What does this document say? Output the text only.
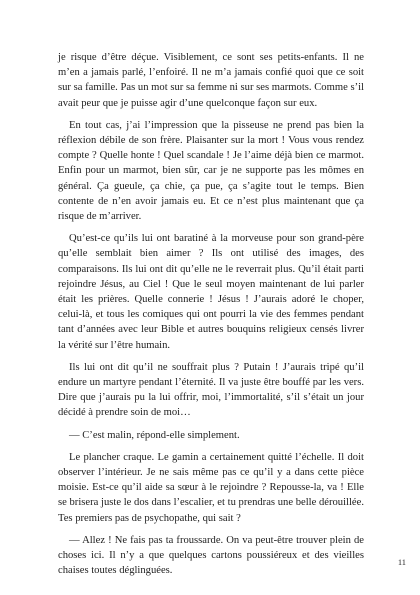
je risque d’être déçue. Visiblement, ce sont ses petits-enfants. Il ne m’en a jamais parlé, l’enfoiré. Il ne m’a jamais confié quoi que ce soit sur sa famille. Pas un mot sur sa femme ni sur ses marmots. Comme s’il avait peur que je puisse agir d’une quelconque façon sur eux.

En tout cas, j’ai l’impression que la pisseuse ne prend pas bien la réflexion débile de son frère. Plaisanter sur la mort ! Vous vous rendez compte ? Quelle honte ! Quel scandale ! Je l’aime déjà bien ce marmot. Enfin pour un marmot, bien sûr, car je ne supporte pas les mômes en général. Ça gueule, ça chie, ça pue, ça s’agite tout le temps. Bien contente de n’en avoir jamais eu. Et ce n’est plus maintenant que ça risque de m’arriver.

Qu’est-ce qu’ils lui ont baratiné à la morveuse pour son grand-père qu’elle semblait bien aimer ? Ils ont utilisé des images, des comparaisons. Ils lui ont dit qu’elle ne le reverrait plus. Qu’il était parti rejoindre Jésus, au Ciel ! Que le seul moyen maintenant de lui parler était les prières. Quelle connerie ! Jésus ! J’aurais adoré le choper, celui-là, et tous les comiques qui ont pourri la vie des femmes pendant tant d’années avec leur Bible et autres bouquins religieux censés livrer la vérité sur l’être humain.

Ils lui ont dit qu’il ne souffrait plus ? Putain ! J’aurais tripé qu’il endure un martyre pendant l’éternité. Il va juste être bouffé par les vers. Dire que j’aurais pu la lui offrir, moi, l’immortalité, s’il s’était un jour décidé à prendre soin de moi…

— C’est malin, répond-elle simplement.

Le plancher craque. Le gamin a certainement quitté l’échelle. Il doit observer l’intérieur. Je ne sais même pas ce qu’il y a dans cette pièce moisie. Est-ce qu’il aide sa sœur à le rejoindre ? Repousse-la, va ! Elle se brisera juste le dos dans l’escalier, et tu prendras une belle dérouillée. Tes premiers pas de psychopathe, qui sait ?

— Allez ! Ne fais pas ta froussarde. On va peut-être trouver plein de choses ici. Il n’y a que quelques cartons poussiéreux et des vieilles chaises toutes déglinguées.

11
